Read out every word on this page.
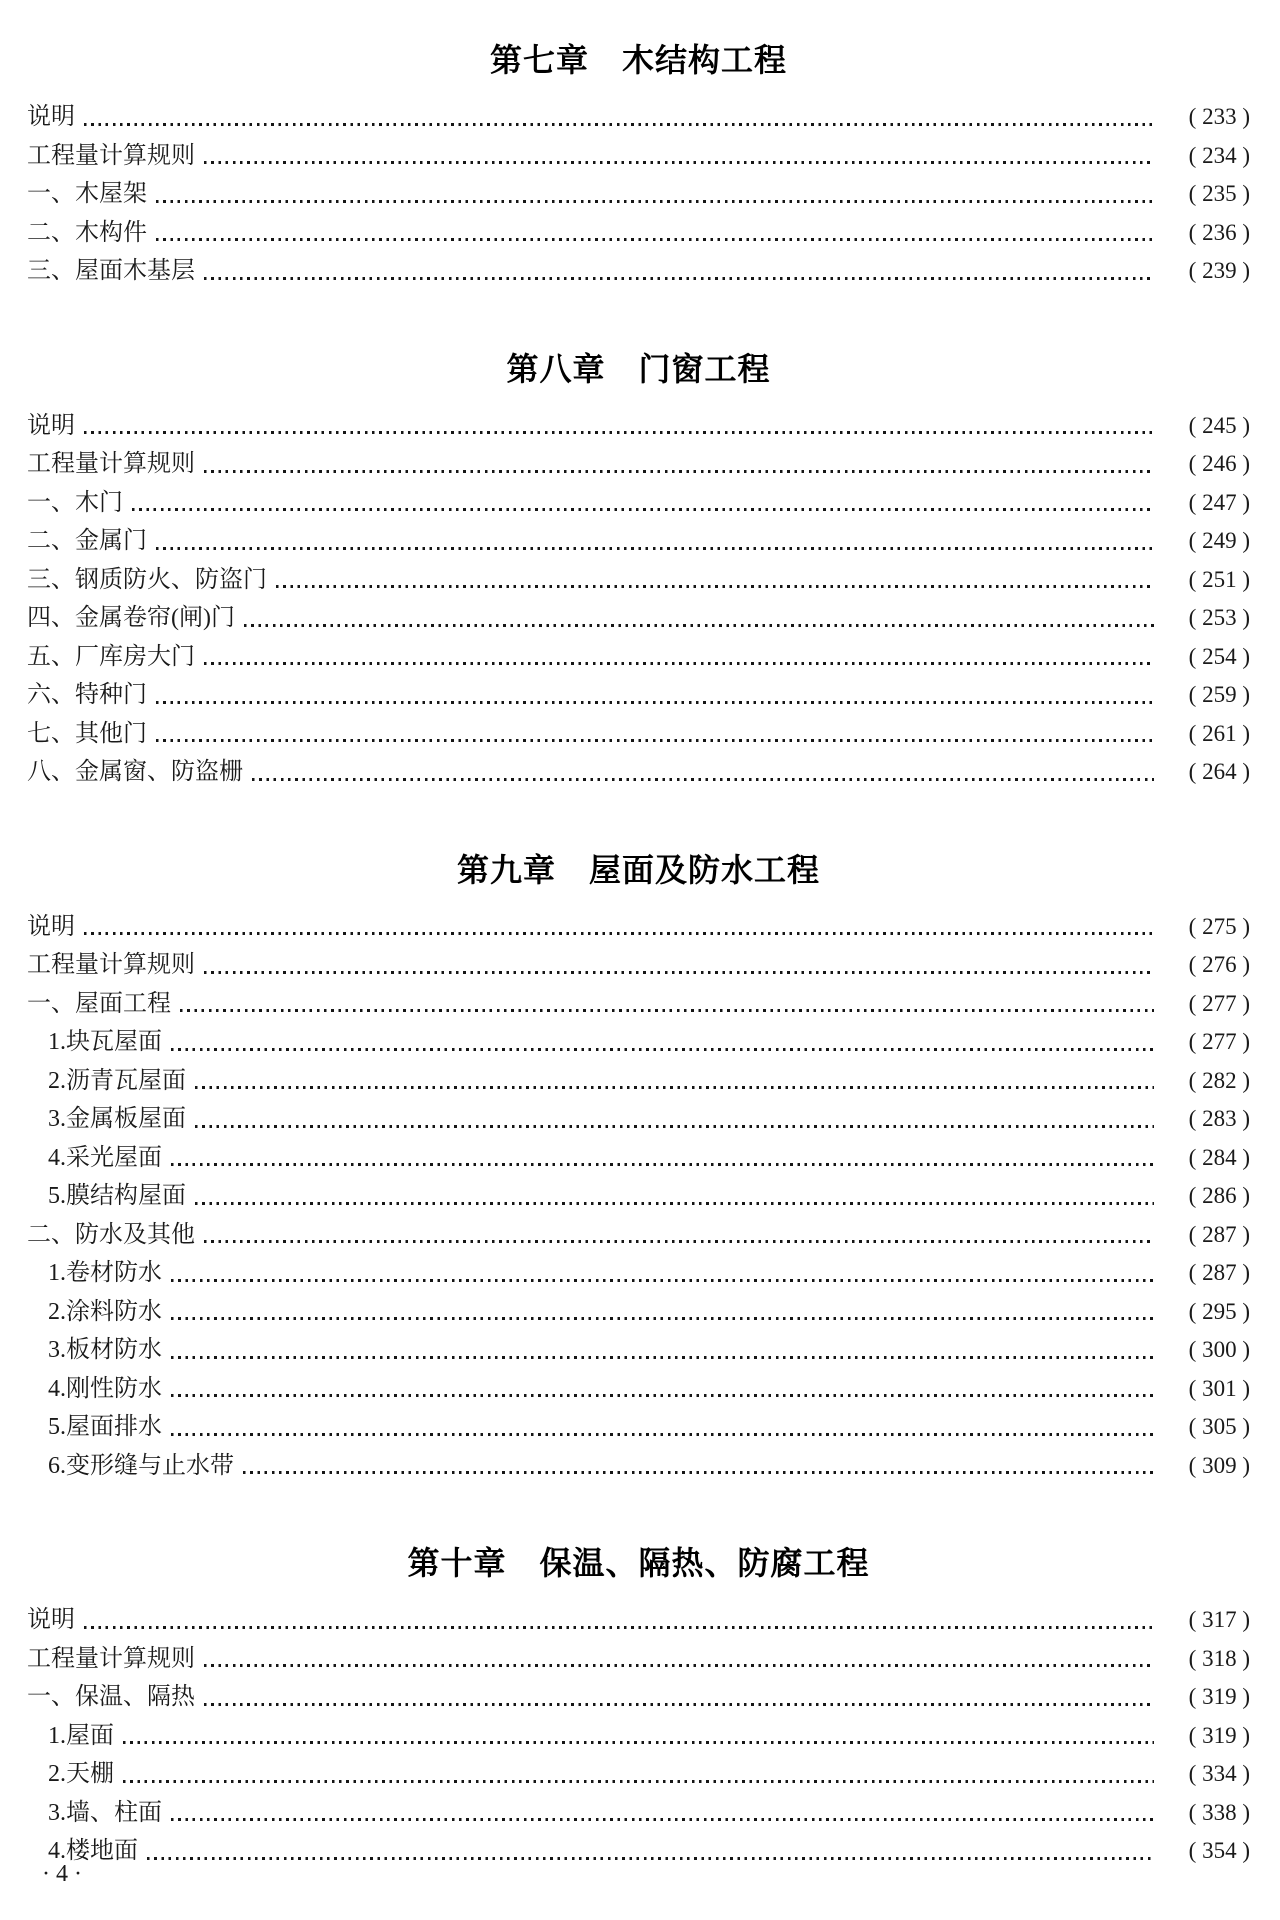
第七章　木结构工程
说明	( 233 )
工程量计算规则	( 234 )
一、木屋架	( 235 )
二、木构件	( 236 )
三、屋面木基层	( 239 )
第八章　门窗工程
说明	( 245 )
工程量计算规则	( 246 )
一、木门	( 247 )
二、金属门	( 249 )
三、钢质防火、防盗门	( 251 )
四、金属卷帘(闸)门	( 253 )
五、厂库房大门	( 254 )
六、特种门	( 259 )
七、其他门	( 261 )
八、金属窗、防盗栅	( 264 )
第九章　屋面及防水工程
说明	( 275 )
工程量计算规则	( 276 )
一、屋面工程	( 277 )
1.块瓦屋面	( 277 )
2.沥青瓦屋面	( 282 )
3.金属板屋面	( 283 )
4.采光屋面	( 284 )
5.膜结构屋面	( 286 )
二、防水及其他	( 287 )
1.卷材防水	( 287 )
2.涂料防水	( 295 )
3.板材防水	( 300 )
4.刚性防水	( 301 )
5.屋面排水	( 305 )
6.变形缝与止水带	( 309 )
第十章　保温、隔热、防腐工程
说明	( 317 )
工程量计算规则	( 318 )
一、保温、隔热	( 319 )
1.屋面	( 319 )
2.天棚	( 334 )
3.墙、柱面	( 338 )
4.楼地面	( 354 )
· 4 ·
